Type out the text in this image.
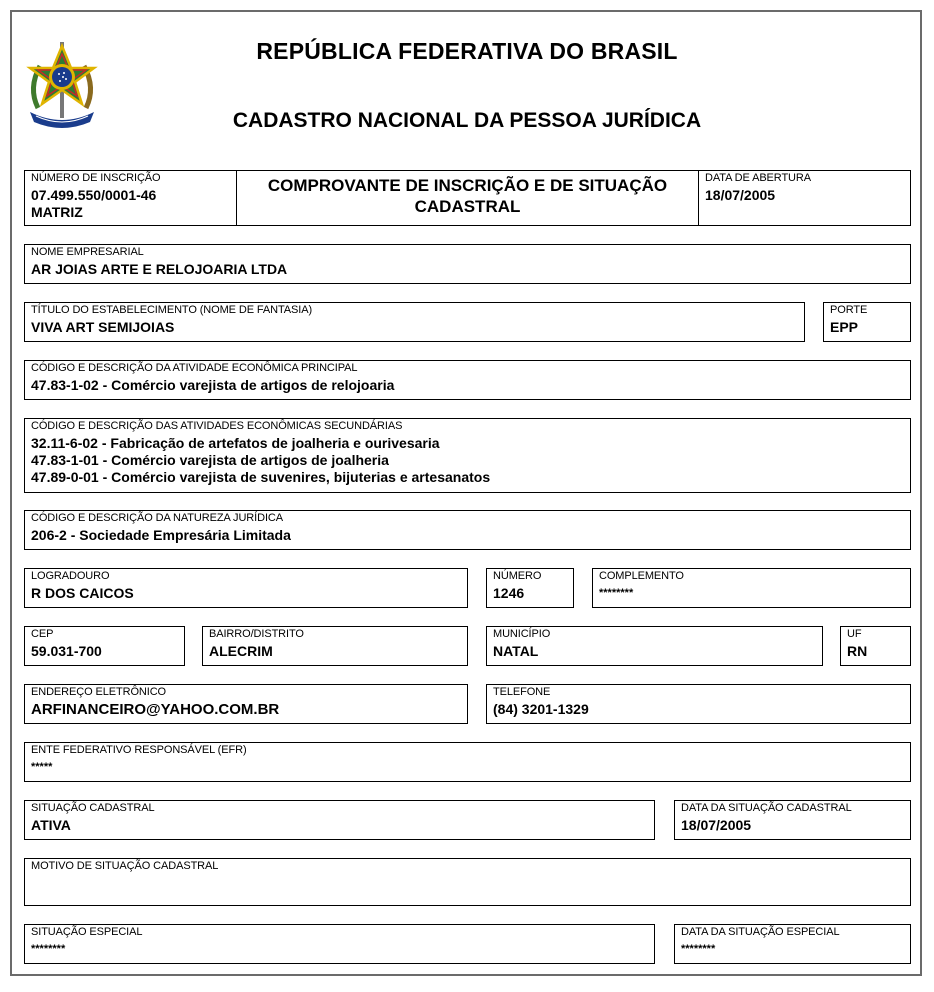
REPÚBLICA FEDERATIVA DO BRASIL
CADASTRO NACIONAL DA PESSOA JURÍDICA
NÚMERO DE INSCRIÇÃO
07.499.550/0001-46
MATRIZ
COMPROVANTE DE INSCRIÇÃO E DE SITUAÇÃO
CADASTRAL
DATA DE ABERTURA
18/07/2005
NOME EMPRESARIAL
AR JOIAS ARTE E RELOJOARIA LTDA
TÍTULO DO ESTABELECIMENTO (NOME DE FANTASIA)
VIVA ART SEMIJOIAS
PORTE
EPP
CÓDIGO E DESCRIÇÃO DA ATIVIDADE ECONÔMICA PRINCIPAL
47.83-1-02 - Comércio varejista de artigos de relojoaria
CÓDIGO E DESCRIÇÃO DAS ATIVIDADES ECONÔMICAS SECUNDÁRIAS
32.11-6-02 - Fabricação de artefatos de joalheria e ourivesaria
47.83-1-01 - Comércio varejista de artigos de joalheria
47.89-0-01 - Comércio varejista de suvenires, bijuterias e artesanatos
CÓDIGO E DESCRIÇÃO DA NATUREZA JURÍDICA
206-2 - Sociedade Empresária Limitada
LOGRADOURO
R DOS CAICOS
NÚMERO
1246
COMPLEMENTO
********
CEP
59.031-700
BAIRRO/DISTRITO
ALECRIM
MUNICÍPIO
NATAL
UF
RN
ENDEREÇO ELETRÔNICO
ARFINANCEIRO@YAHOO.COM.BR
TELEFONE
(84) 3201-1329
ENTE FEDERATIVO RESPONSÁVEL (EFR)
*****
SITUAÇÃO CADASTRAL
ATIVA
DATA DA SITUAÇÃO CADASTRAL
18/07/2005
MOTIVO DE SITUAÇÃO CADASTRAL
SITUAÇÃO ESPECIAL
********
DATA DA SITUAÇÃO ESPECIAL
********
